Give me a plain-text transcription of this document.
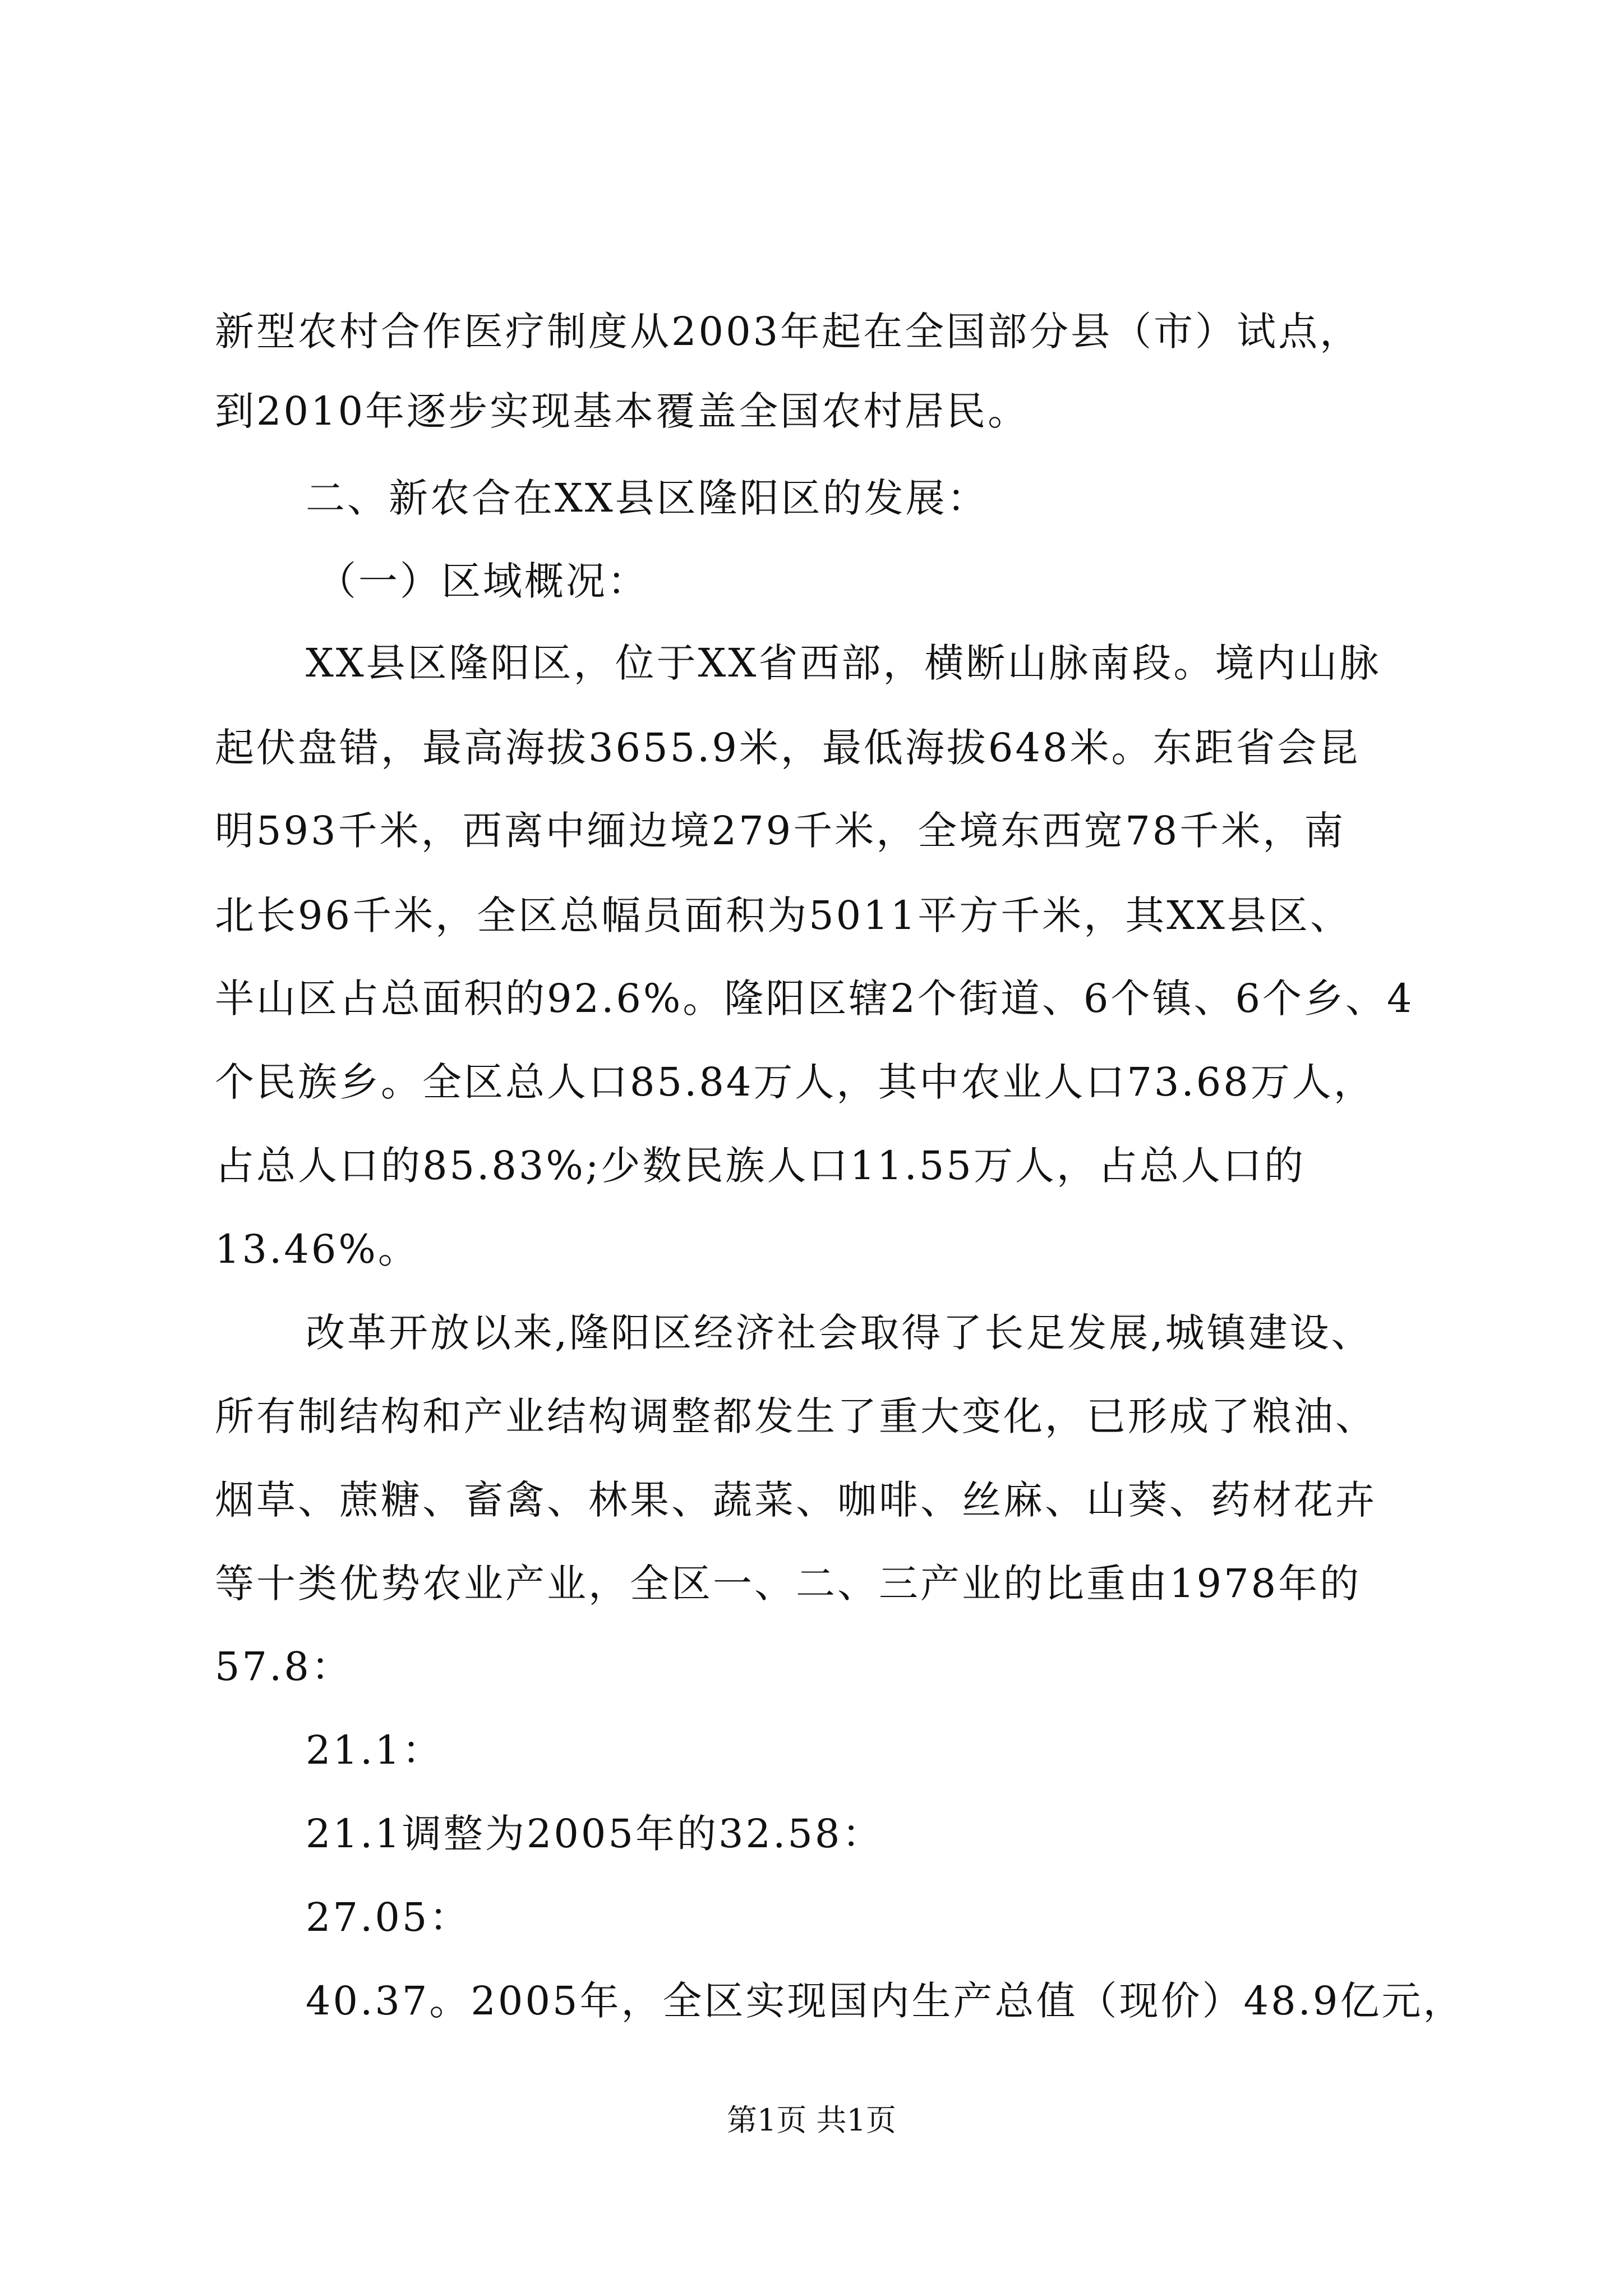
新型农村合作医疗制度从2003年起在全国部分县（市）试点，
到2010年逐步实现基本覆盖全国农村居民。
二、新农合在XX县区隆阳区的发展：
（一）区域概况：
XX县区隆阳区，位于XX省西部，横断山脉南段。境内山脉
起伏盘错，最高海拔3655.9米，最低海拔648米。东距省会昆
明593千米，西离中缅边境279千米，全境东西宽78千米，南
北长96千米，全区总幅员面积为5011平方千米，其XX县区、
半山区占总面积的92.6%。隆阳区辖2个街道、6个镇、6个乡、4
个民族乡。全区总人口85.84万人，其中农业人口73.68万人，
占总人口的85.83%;少数民族人口11.55万人，占总人口的
13.46%。
改革开放以来,隆阳区经济社会取得了长足发展,城镇建设、
所有制结构和产业结构调整都发生了重大变化，已形成了粮油、
烟草、蔗糖、畜禽、林果、蔬菜、咖啡、丝麻、山葵、药材花卉
等十类优势农业产业，全区一、二、三产业的比重由1978年的
57.8：
21.1：
21.1调整为2005年的32.58：
27.05：
40.37。2005年，全区实现国内生产总值（现价）48.9亿元，
第1页 共1页
